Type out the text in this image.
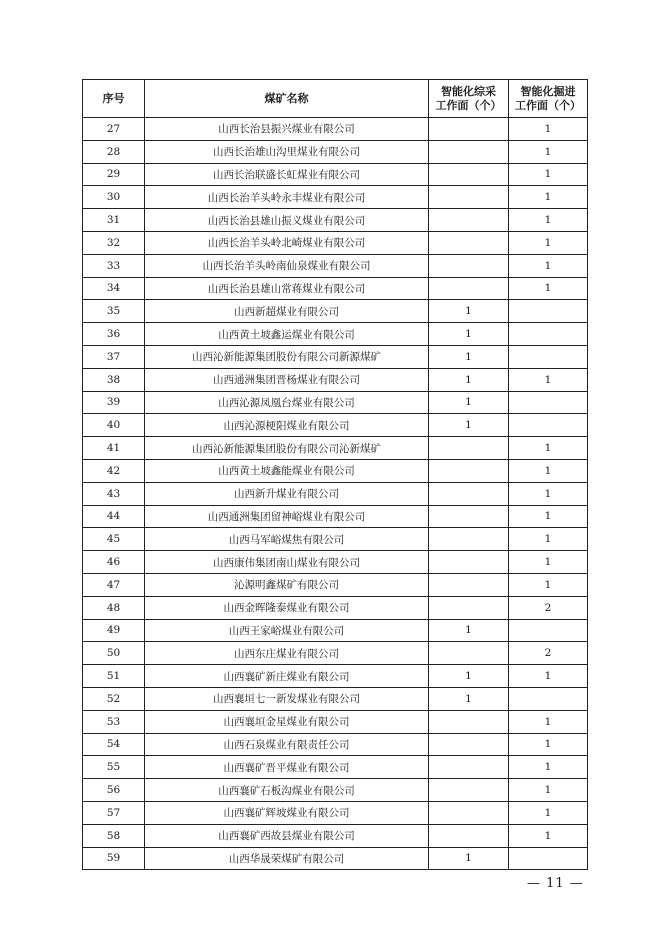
序号	煤矿名称	智能化综采
工作面（个）	智能化掘进
工作面（个）
27	山西长治县振兴煤业有限公司		1
28	山西长治雄山沟里煤业有限公司		1
29	山西长治联盛长虹煤业有限公司		1
30	山西长治羊头岭永丰煤业有限公司		1
31	山西长治县雄山振义煤业有限公司		1
32	山西长治羊头岭北崎煤业有限公司		1
33	山西长治羊头岭南仙泉煤业有限公司		1
34	山西长治县雄山常蒋煤业有限公司		1
35	山西新超煤业有限公司	1	
36	山西黄土坡鑫运煤业有限公司	1	
37	山西沁新能源集团股份有限公司新源煤矿	1	
38	山西通洲集团晋杨煤业有限公司	1	1
39	山西沁源凤凰台煤业有限公司	1	
40	山西沁源梗阳煤业有限公司	1	
41	山西沁新能源集团股份有限公司沁新煤矿		1
42	山西黄土坡鑫能煤业有限公司		1
43	山西新升煤业有限公司		1
44	山西通洲集团留神峪煤业有限公司		1
45	山西马军峪煤焦有限公司		1
46	山西康伟集团南山煤业有限公司		1
47	沁源明鑫煤矿有限公司		1
48	山西金晖隆泰煤业有限公司		2
49	山西王家峪煤业有限公司	1	
50	山西东庄煤业有限公司		2
51	山西襄矿新庄煤业有限公司	1	1
52	山西襄垣七一新发煤业有限公司	1	
53	山西襄垣金星煤业有限公司		1
54	山西石泉煤业有限责任公司		1
55	山西襄矿晋平煤业有限公司		1
56	山西襄矿石板沟煤业有限公司		1
57	山西襄矿辉坡煤业有限公司		1
58	山西襄矿西故县煤业有限公司		1
59	山西华晟荣煤矿有限公司	1	
— 11 —
